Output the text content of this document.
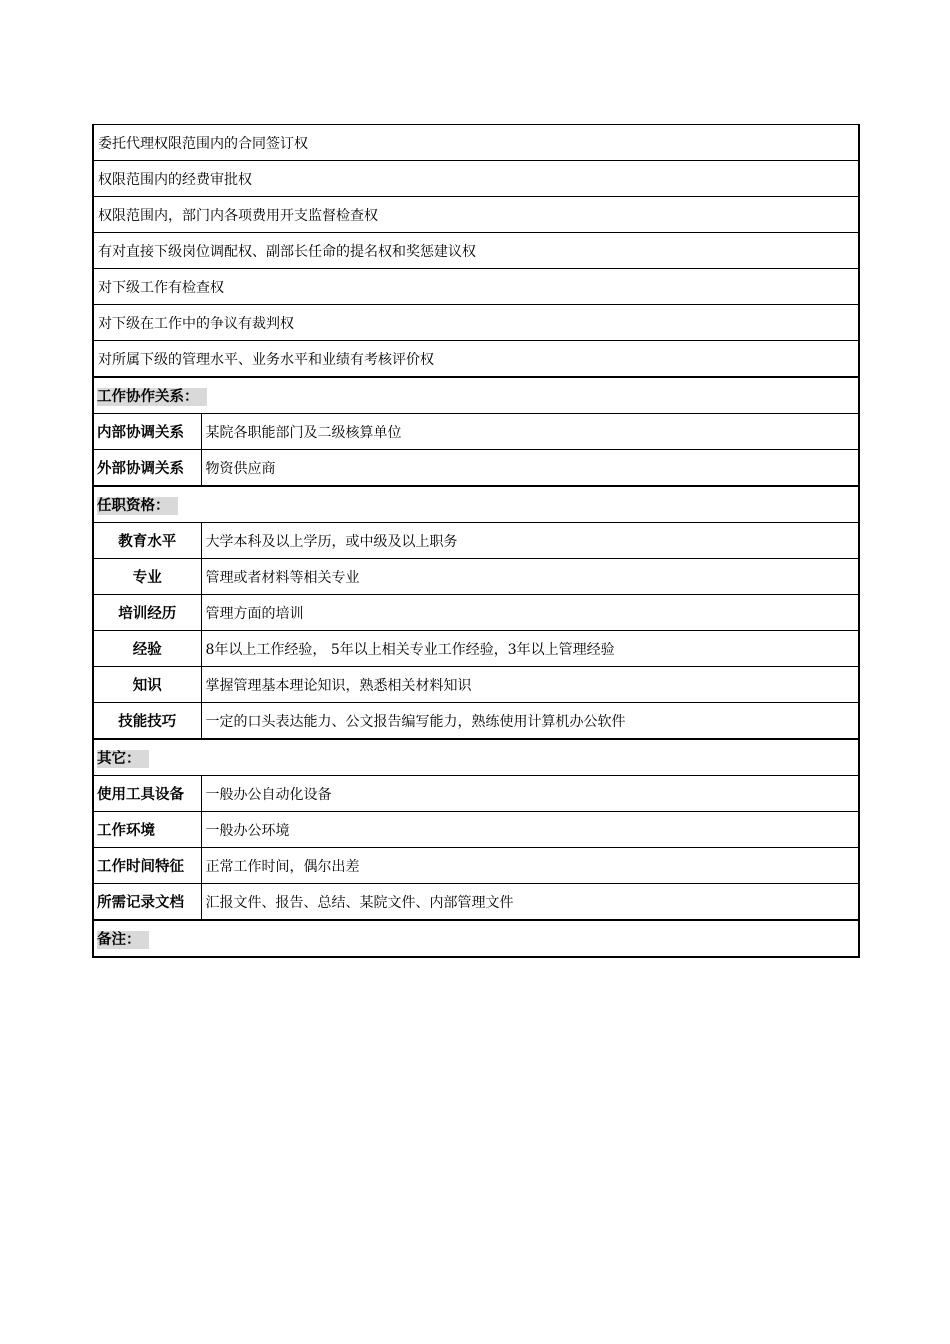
委托代理权限范围内的合同签订权	
权限范围内的经费审批权	
权限范围内，部门内各项费用开支监督检查权	
有对直接下级岗位调配权、副部长任命的提名权和奖惩建议权	
对下级工作有检查权	
对下级在工作中的争议有裁判权	
对所属下级的管理水平、业务水平和业绩有考核评价权	
工作协作关系：	
内部协调关系	某院各职能部门及二级核算单位
外部协调关系	物资供应商
任职资格：	
教育水平	大学本科及以上学历，或中级及以上职务
专业	管理或者材料等相关专业
培训经历	管理方面的培训
经验	8年以上工作经验， 5年以上相关专业工作经验，3年以上管理经验
知识	掌握管理基本理论知识，熟悉相关材料知识
技能技巧	一定的口头表达能力、公文报告编写能力，熟练使用计算机办公软件
其它：	
使用工具设备	一般办公自动化设备
工作环境	一般办公环境
工作时间特征	正常工作时间，偶尔出差
所需记录文档	汇报文件、报告、总结、某院文件、内部管理文件
备注：	
